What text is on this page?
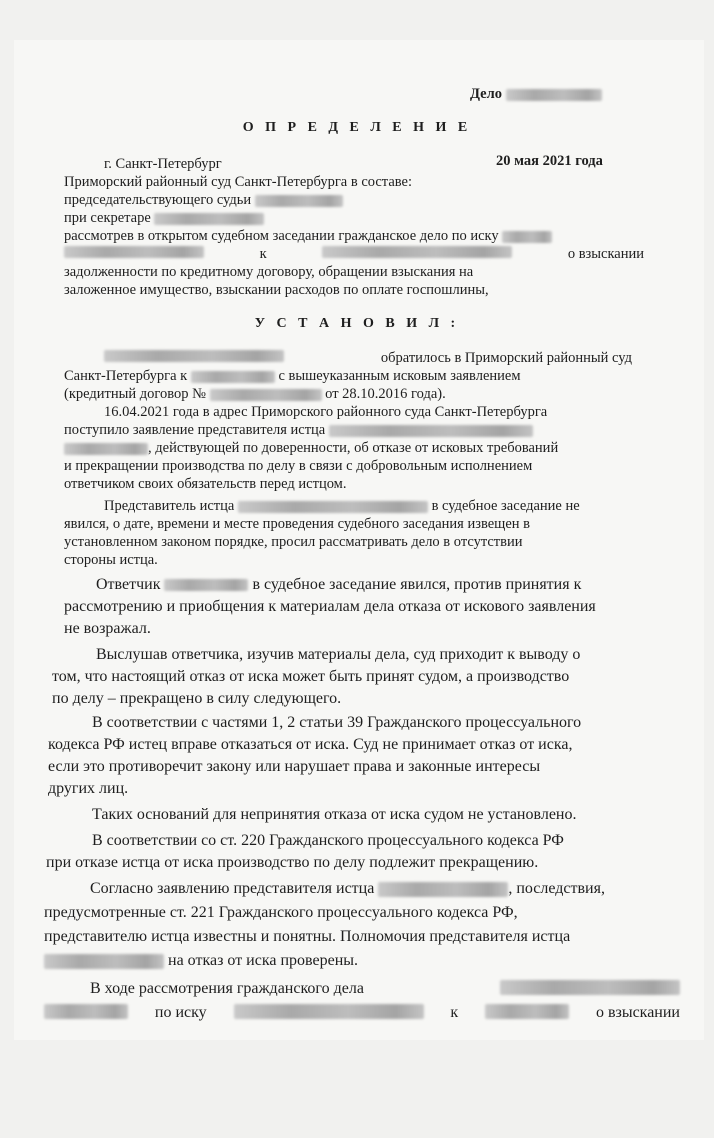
Дело
О П Р Е Д Е Л Е Н И Е
г. Санкт-Петербург	20 мая 2021 года
Приморский районный суд Санкт-Петербурга в составе:
председательствующего судьи
при секретаре
рассмотрев в открытом судебном заседании гражданское дело по иску
к	о взыскании
задолженности по кредитному договору, обращении взыскания на
заложенное имущество, взыскании расходов по оплате госпошлины,
У С Т А Н О В И Л :
обратилось в Приморский районный суд
Санкт-Петербурга к	с вышеуказанным исковым заявлением
(кредитный договор №	от 28.10.2016 года).
16.04.2021 года в адрес Приморского районного суда Санкт-Петербурга
поступило заявление представителя истца
, действующей по доверенности, об отказе от исковых требований
и прекращении производства по делу в связи с добровольным исполнением
ответчиком своих обязательств перед истцом.
Представитель истца	в судебное заседание не
явился, о дате, времени и месте проведения судебного заседания извещен в
установленном законом порядке, просил рассматривать дело в отсутствии
стороны истца.
Ответчик	в судебное заседание явился, против принятия к
рассмотрению и приобщения к материалам дела отказа от искового заявления
не возражал.
Выслушав ответчика, изучив материалы дела, суд приходит к выводу о
том, что настоящий отказ от иска может быть принят судом, а производство
по делу – прекращено в силу следующего.
В соответствии с частями 1, 2 статьи 39 Гражданского процессуального
кодекса РФ истец вправе отказаться от иска. Суд не принимает отказ от иска,
если это противоречит закону или нарушает права и законные интересы
других лиц.
Таких оснований для непринятия отказа от иска судом не установлено.
В соответствии со ст. 220 Гражданского процессуального кодекса РФ
при отказе истца от иска производство по делу подлежит прекращению.
Согласно заявлению представителя истца	, последствия,
предусмотренные ст. 221 Гражданского процессуального кодекса РФ,
представителю истца известны и понятны. Полномочия представителя истца
на отказ от иска проверены.
В ходе рассмотрения гражданского дела
по иску	к	о взыскании
